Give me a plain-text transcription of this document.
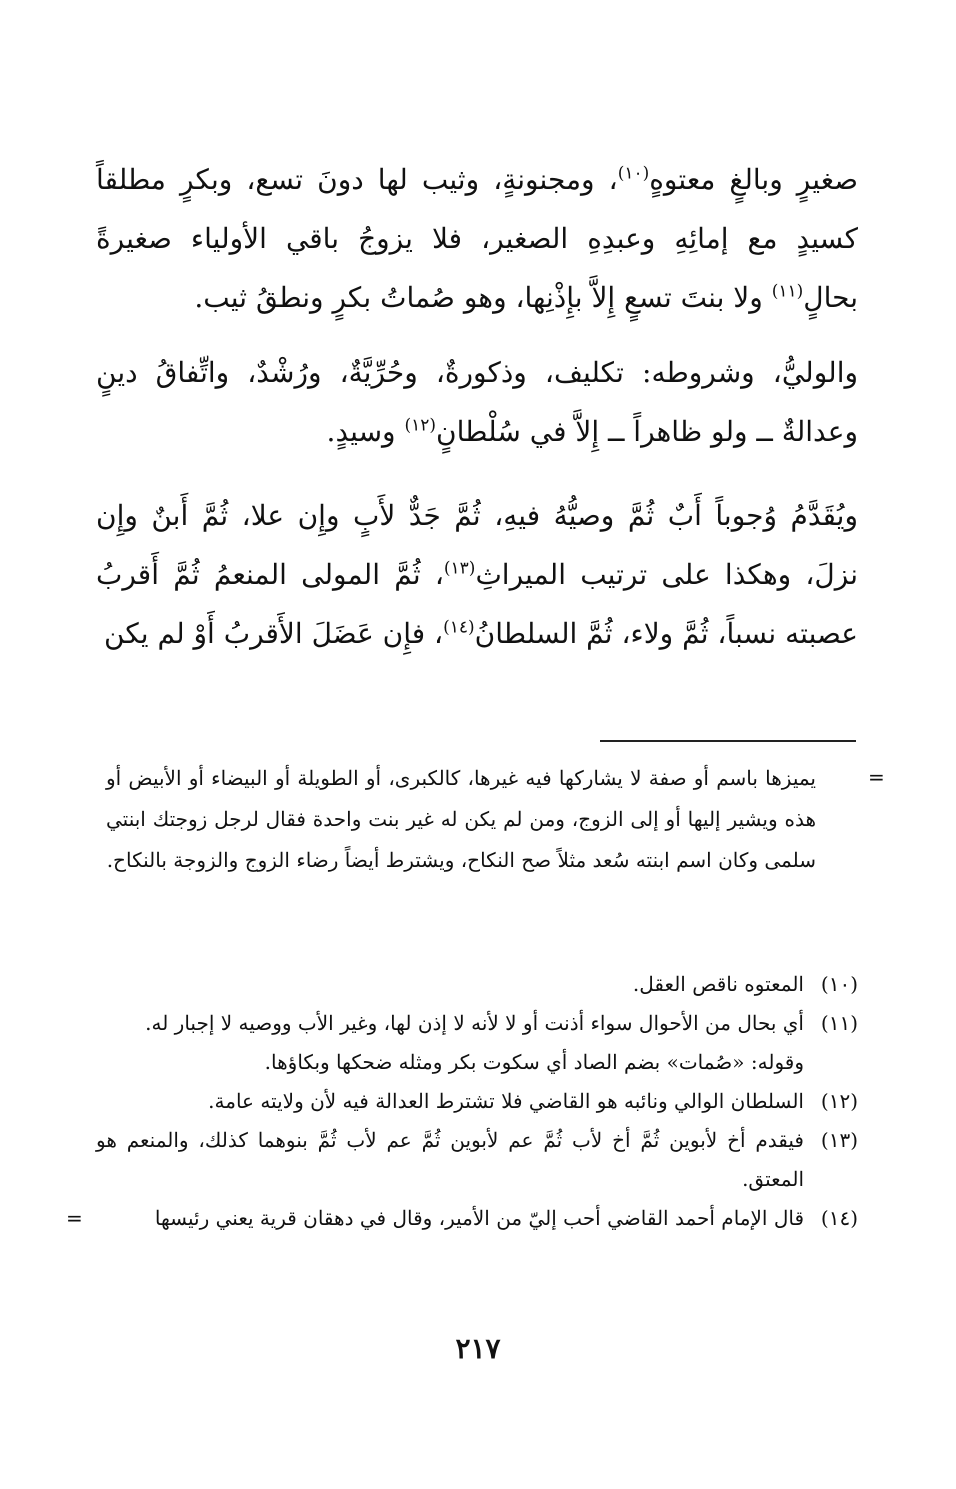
صغيرٍ وبالغٍ معتوهٍ$^{(١٠)}$، ومجنونةٍ، وثيب لها دونَ تسع، وبكرٍ مطلقاً كسيدٍ مع إمائِهِ وعبدِهِ الصغير، فلا يزوجُ باقي الأولياء صغيرةً بحالٍ$^{(١١)}$ ولا بنتَ تسعٍ إِلاَّ بإِذْنِها، وهو صُماتُ بكرٍ ونطقُ ثيب.
والوليُّ، وشروطه: تكليف، وذكورةٌ، وحُرِّيَّةٌ، ورُشْدٌ، واتِّفاقُ دينٍ وعدالةٌ ــ ولو ظاهراً ــ إِلاَّ في سُلْطانٍ$^{(١٢)}$ وسيدٍ.
ويُقَدَّمُ وُجوباً أَبٌ ثُمَّ وصيُّهُ فيهِ، ثُمَّ جَدٌّ لأَبٍ وإِن علا، ثُمَّ أَبنٌ وإِن نزلَ، وهكذا على ترتيب الميراثِ$^{(١٣)}$، ثُمَّ المولى المنعمُ ثُمَّ أَقربُ عصبته نسباً، ثُمَّ ولاء، ثُمَّ السلطانُ$^{(١٤)}$، فإِن عَضَلَ الأَقربُ أَوْ لم يكن
=
يميزها باسم أو صفة لا يشاركها فيه غيرها، كالكبرى، أو الطويلة أو البيضاء أو الأبيض أو هذه ويشير إليها أو إلى الزوج، ومن لم يكن له غير بنت واحدة فقال لرجل زوجتك ابنتي سلمى وكان اسم ابنته سُعد مثلاً صح النكاح، ويشترط أيضاً رضاء الزوج والزوجة بالنكاح.
(١٠)
المعتوه ناقص العقل.
(١١)
أي بحال من الأحوال سواء أذنت أو لا لأنه لا إذن لها، وغير الأب ووصيه لا إجبار له.
وقوله: «صُمات» بضم الصاد أي سكوت بكر ومثله ضحكها وبكاؤها.
(١٢)
السلطان الوالي ونائبه هو القاضي فلا تشترط العدالة فيه لأن ولايته عامة.
(١٣)
فيقدم أخ لأبوين ثُمَّ أخ لأب ثُمَّ عم لأبوين ثُمَّ عم لأب ثُمَّ بنوهما كذلك، والمنعم هو المعتق.
(١٤)
قال الإمام أحمد القاضي أحب إليّ من الأمير، وقال في دهقان قرية يعني رئيسها
=
٢١٧
